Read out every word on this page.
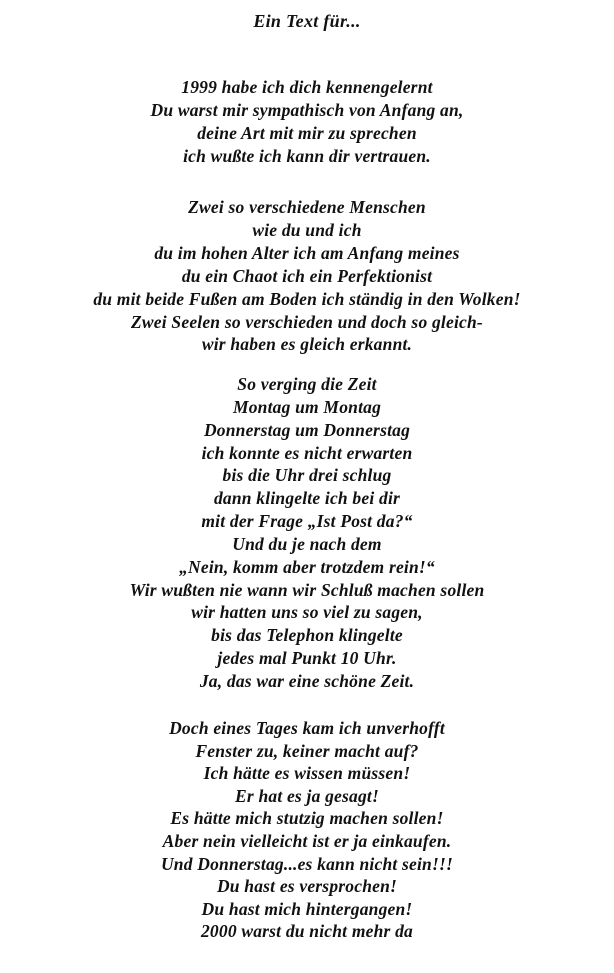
Ein Text für...
1999 habe ich dich kennengelernt
Du warst mir sympathisch von Anfang an,
deine Art mit mir zu sprechen
ich wußte ich kann dir vertrauen.
Zwei so verschiedene Menschen
wie du und ich
du im hohen Alter ich am Anfang meines
du ein Chaot ich ein Perfektionist
du mit beide Fußen am Boden ich ständig in den Wolken!
Zwei Seelen so verschieden und doch so gleich-
wir haben es gleich erkannt.
So verging die Zeit
Montag um Montag
Donnerstag um Donnerstag
ich konnte es nicht erwarten
bis die Uhr drei schlug
dann klingelte ich bei dir
mit der Frage „Ist Post da?“
Und du je nach dem
„Nein, komm aber trotzdem rein!“
Wir wußten nie wann wir Schluß machen sollen
wir hatten uns so viel zu sagen,
bis das Telephon klingelte
jedes mal Punkt 10 Uhr.
Ja, das war eine schöne Zeit.
Doch eines Tages kam ich unverhofft
Fenster zu, keiner macht auf?
Ich hätte es wissen müssen!
Er hat es ja gesagt!
Es hätte mich stutzig machen sollen!
Aber nein vielleicht ist er ja einkaufen.
Und Donnerstag...es kann nicht sein!!!
Du hast es versprochen!
Du hast mich hintergangen!
2000 warst du nicht mehr da
